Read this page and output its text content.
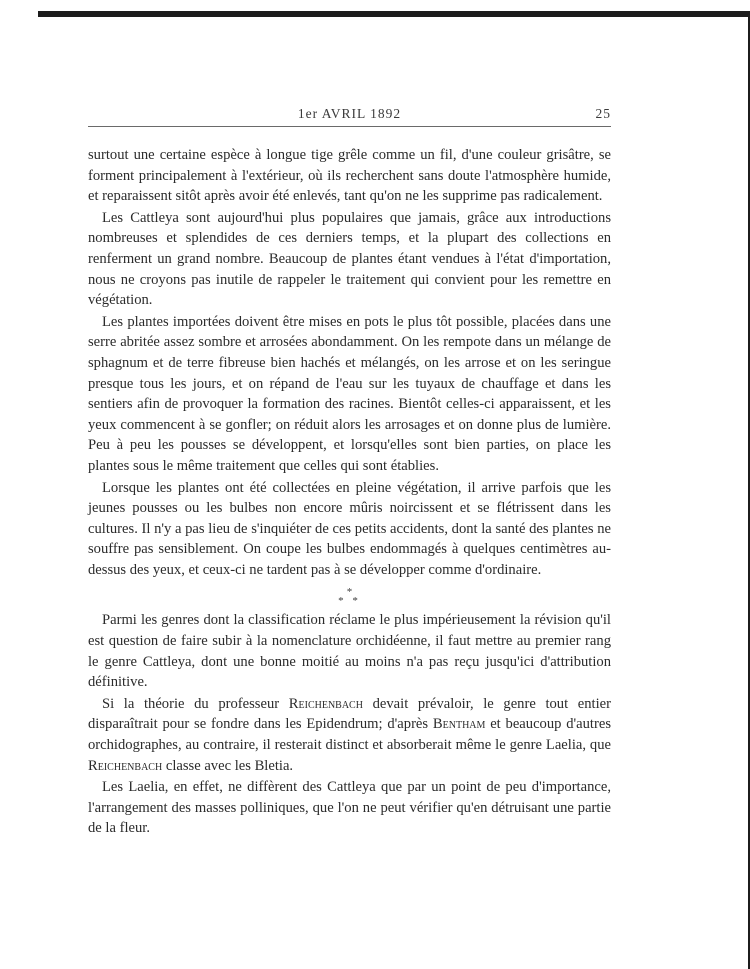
1er AVRIL 1892	25

surtout une certaine espèce à longue tige grêle comme un fil, d'une couleur grisâtre, se forment principalement à l'extérieur, où ils recherchent sans doute l'atmosphère humide, et reparaissent sitôt après avoir été enlevés, tant qu'on ne les supprime pas radicalement.

Les Cattleya sont aujourd'hui plus populaires que jamais, grâce aux introductions nombreuses et splendides de ces derniers temps, et la plupart des collections en renferment un grand nombre. Beaucoup de plantes étant vendues à l'état d'importation, nous ne croyons pas inutile de rappeler le traitement qui convient pour les remettre en végétation.

Les plantes importées doivent être mises en pots le plus tôt possible, placées dans une serre abritée assez sombre et arrosées abondamment. On les rempote dans un mélange de sphagnum et de terre fibreuse bien hachés et mélangés, on les arrose et on les seringue presque tous les jours, et on répand de l'eau sur les tuyaux de chauffage et dans les sentiers afin de provoquer la formation des racines. Bientôt celles-ci apparaissent, et les yeux commencent à se gonfler; on réduit alors les arrosages et on donne plus de lumière. Peu à peu les pousses se développent, et lorsqu'elles sont bien parties, on place les plantes sous le même traitement que celles qui sont établies.

Lorsque les plantes ont été collectées en pleine végétation, il arrive parfois que les jeunes pousses ou les bulbes non encore mûris noircissent et se flétrissent dans les cultures. Il n'y a pas lieu de s'inquiéter de ces petits accidents, dont la santé des plantes ne souffre pas sensiblement. On coupe les bulbes endommagés à quelques centimètres au-dessus des yeux, et ceux-ci ne tardent pas à se développer comme d'ordinaire.

*
* *

Parmi les genres dont la classification réclame le plus impérieusement la révision qu'il est question de faire subir à la nomenclature orchidéenne, il faut mettre au premier rang le genre Cattleya, dont une bonne moitié au moins n'a pas reçu jusqu'ici d'attribution définitive.

Si la théorie du professeur Reichenbach devait prévaloir, le genre tout entier disparaîtrait pour se fondre dans les Epidendrum; d'après Bentham et beaucoup d'autres orchidographes, au contraire, il resterait distinct et absorberait même le genre Laelia, que Reichenbach classe avec les Bletia.

Les Laelia, en effet, ne diffèrent des Cattleya que par un point de peu d'importance, l'arrangement des masses polliniques, que l'on ne peut vérifier qu'en détruisant une partie de la fleur.
